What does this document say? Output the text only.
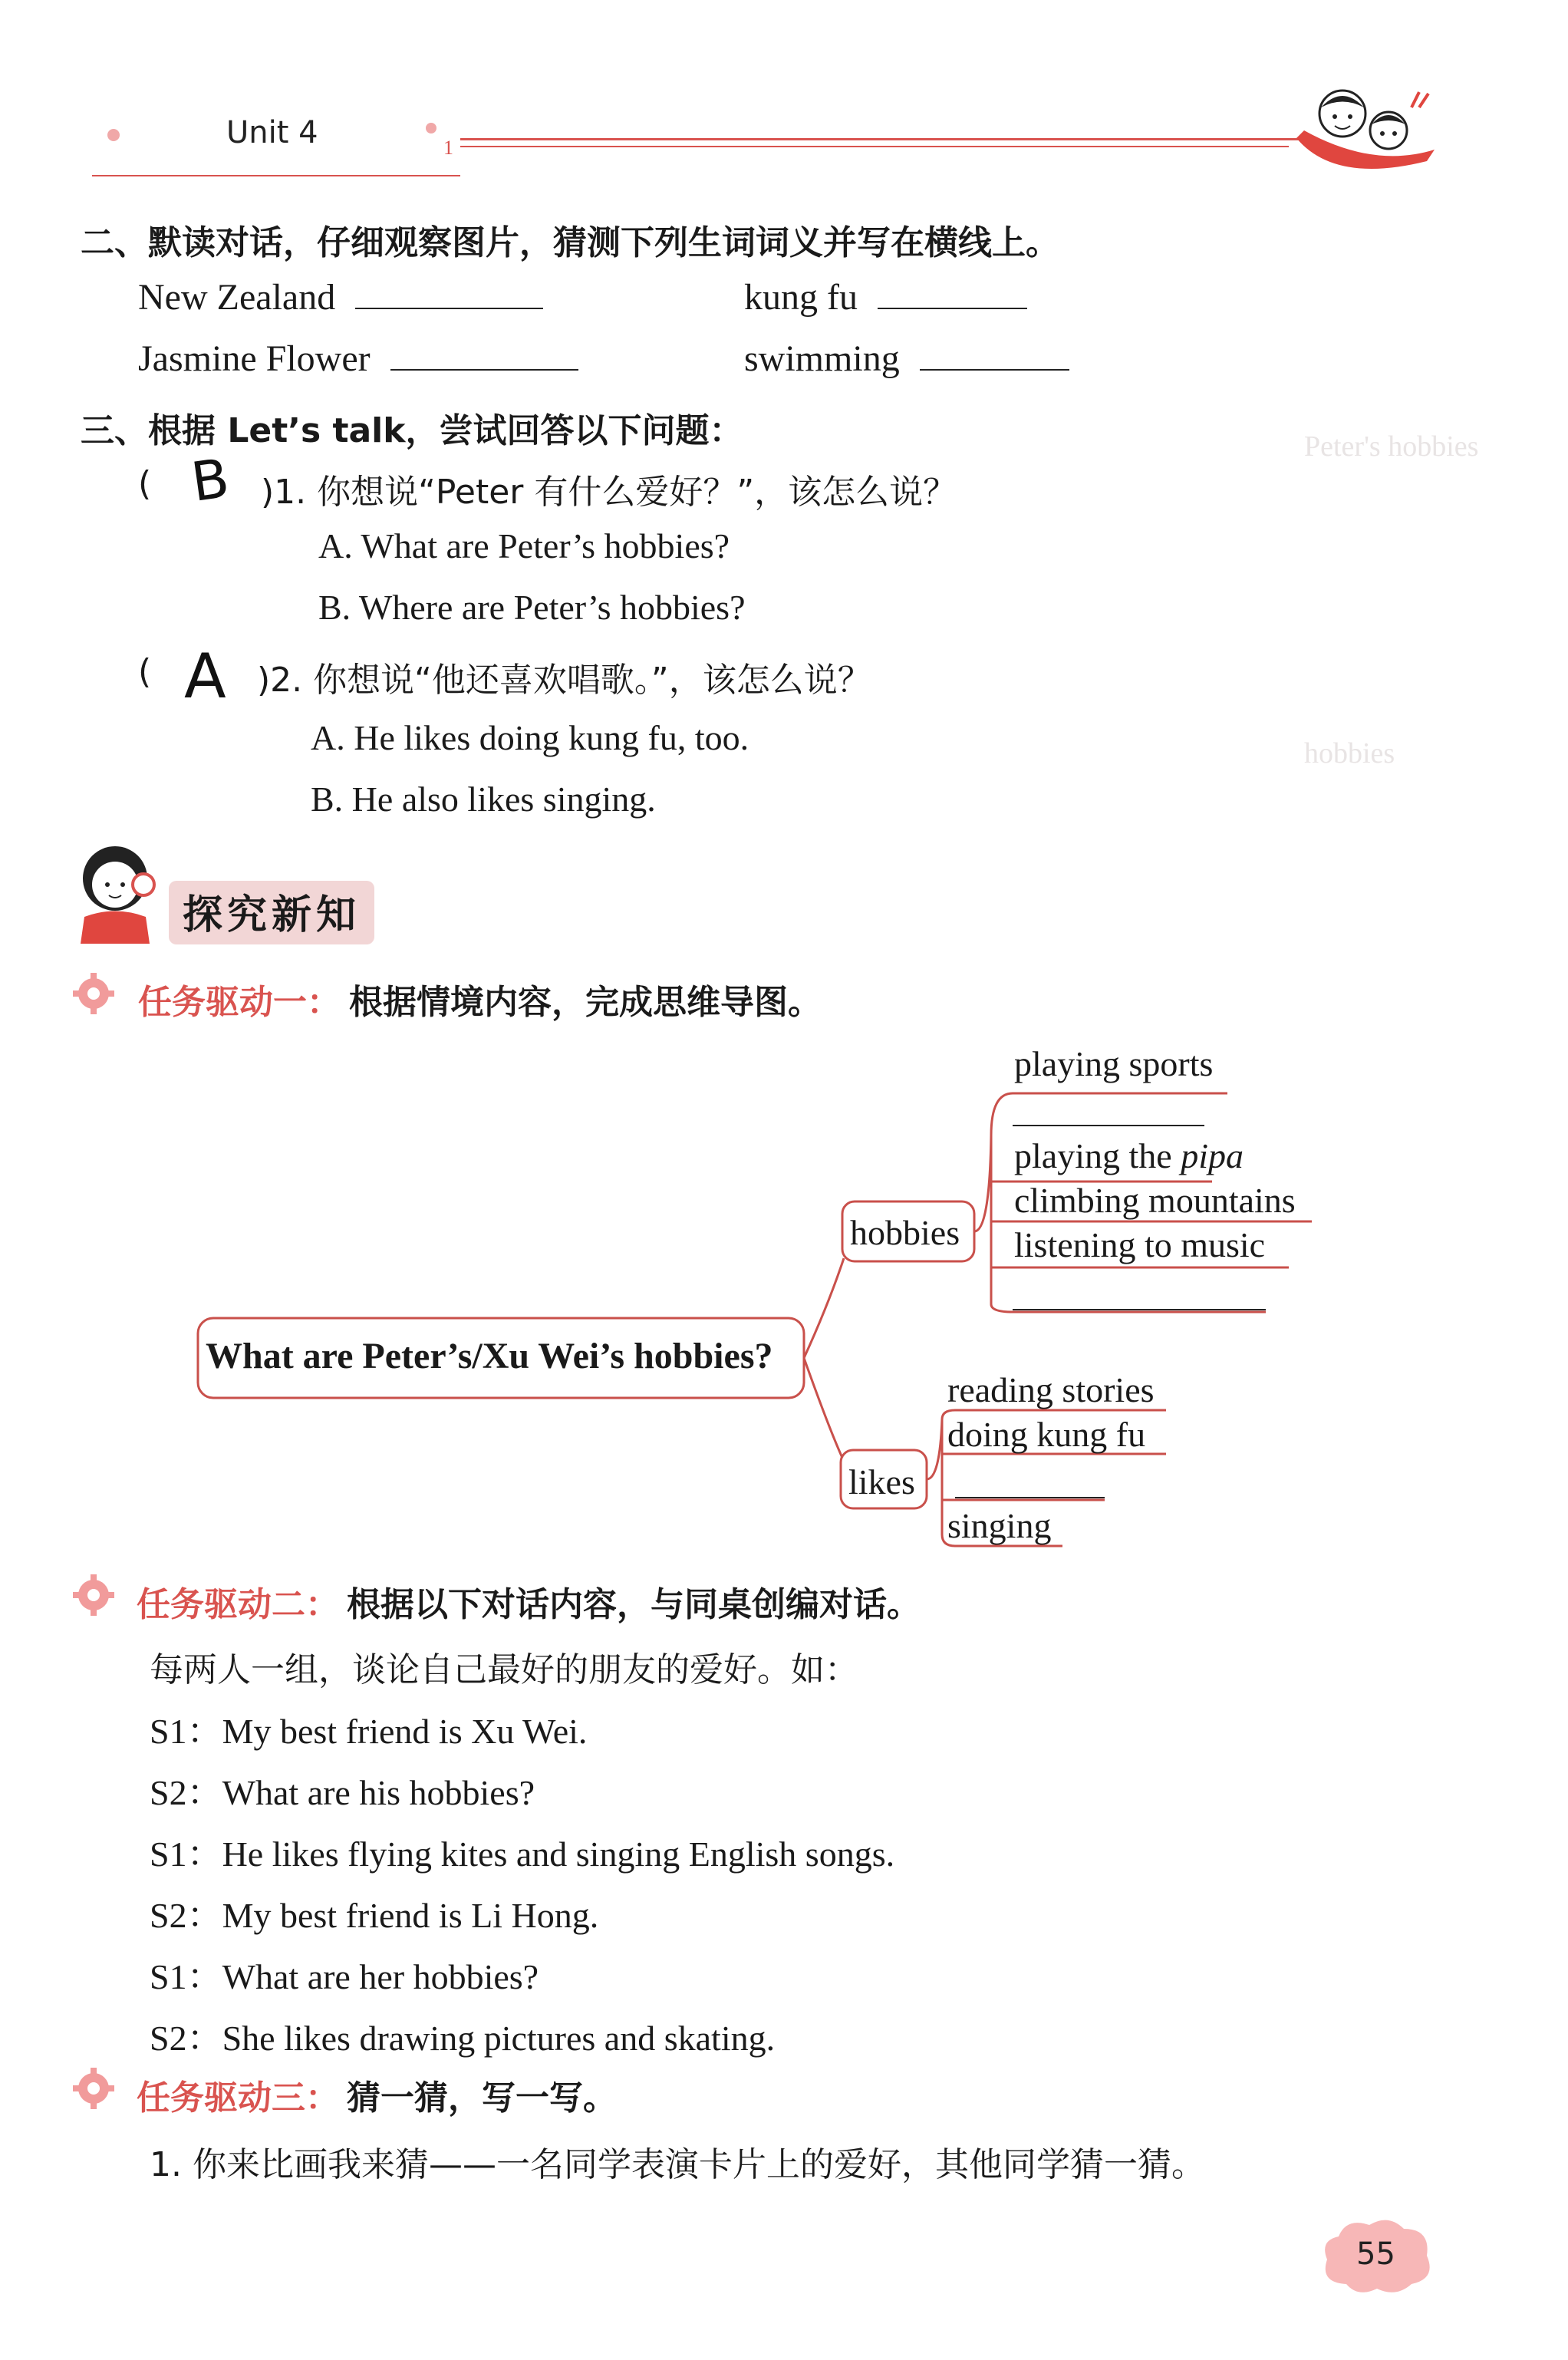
Unit 4	1
Peter's hobbies
hobbies
二、默读对话，仔细观察图片，猜测下列生词词义并写在横线上。
New Zealand	kung fu
Jasmine Flower	swimming
三、根据 Let’s talk，尝试回答以下问题：
( B )1. 你想说“Peter 有什么爱好？”，该怎么说？
A. What are Peter’s hobbies?
B. Where are Peter’s hobbies?
( A )2. 你想说“他还喜欢唱歌。”，该怎么说？
A. He likes doing kung fu, too.
B. He also likes singing.
探究新知
任务驱动一： 根据情境内容，完成思维导图。
What are Peter’s/Xu Wei’s hobbies?
hobbies
likes
playing sports
playing the pipa
climbing mountains
listening to music
reading stories
doing kung fu
singing
任务驱动二： 根据以下对话内容，与同桌创编对话。
每两人一组，谈论自己最好的朋友的爱好。如：
S1：My best friend is Xu Wei.
S2：What are his hobbies?
S1：He likes flying kites and singing English songs.
S2：My best friend is Li Hong.
S1：What are her hobbies?
S2：She likes drawing pictures and skating.
任务驱动三： 猜一猜，写一写。
1. 你来比画我来猜——一名同学表演卡片上的爱好，其他同学猜一猜。
55
